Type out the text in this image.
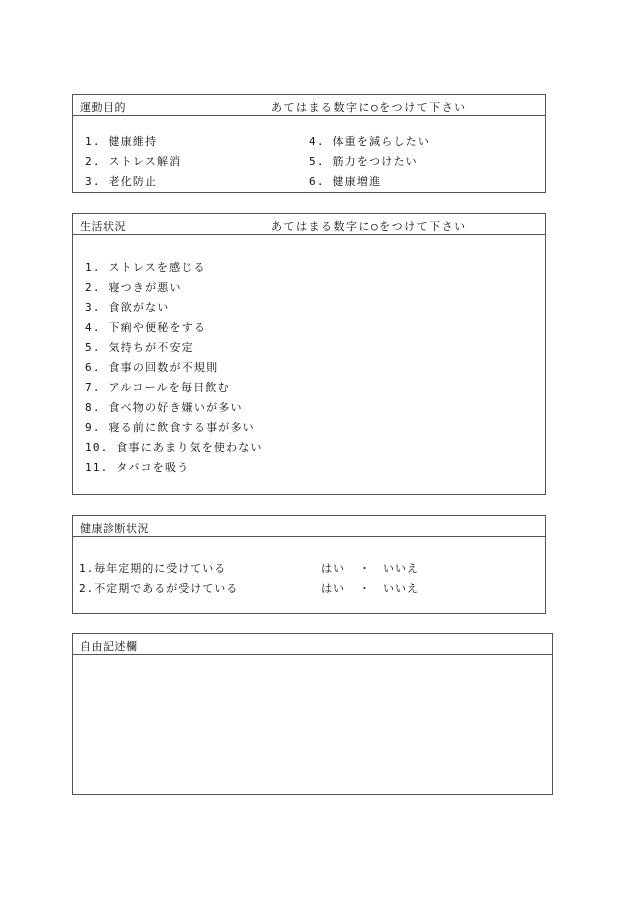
運動目的	あてはまる数字に○をつけて下さい
1. 健康維持
2. ストレス解消
3. 老化防止
4. 体重を減らしたい
5. 筋力をつけたい
6. 健康増進
生活状況	あてはまる数字に○をつけて下さい
1. ストレスを感じる
2. 寝つきが悪い
3. 食欲がない
4. 下痢や便秘をする
5. 気持ちが不安定
6. 食事の回数が不規則
7. アルコールを毎日飲む
8. 食べ物の好き嫌いが多い
9. 寝る前に飲食する事が多い
10. 食事にあまり気を使わない
11. タバコを吸う
健康診断状況
1.毎年定期的に受けている	はい ・ いいえ
2.不定期であるが受けている	はい ・ いいえ
自由記述欄
